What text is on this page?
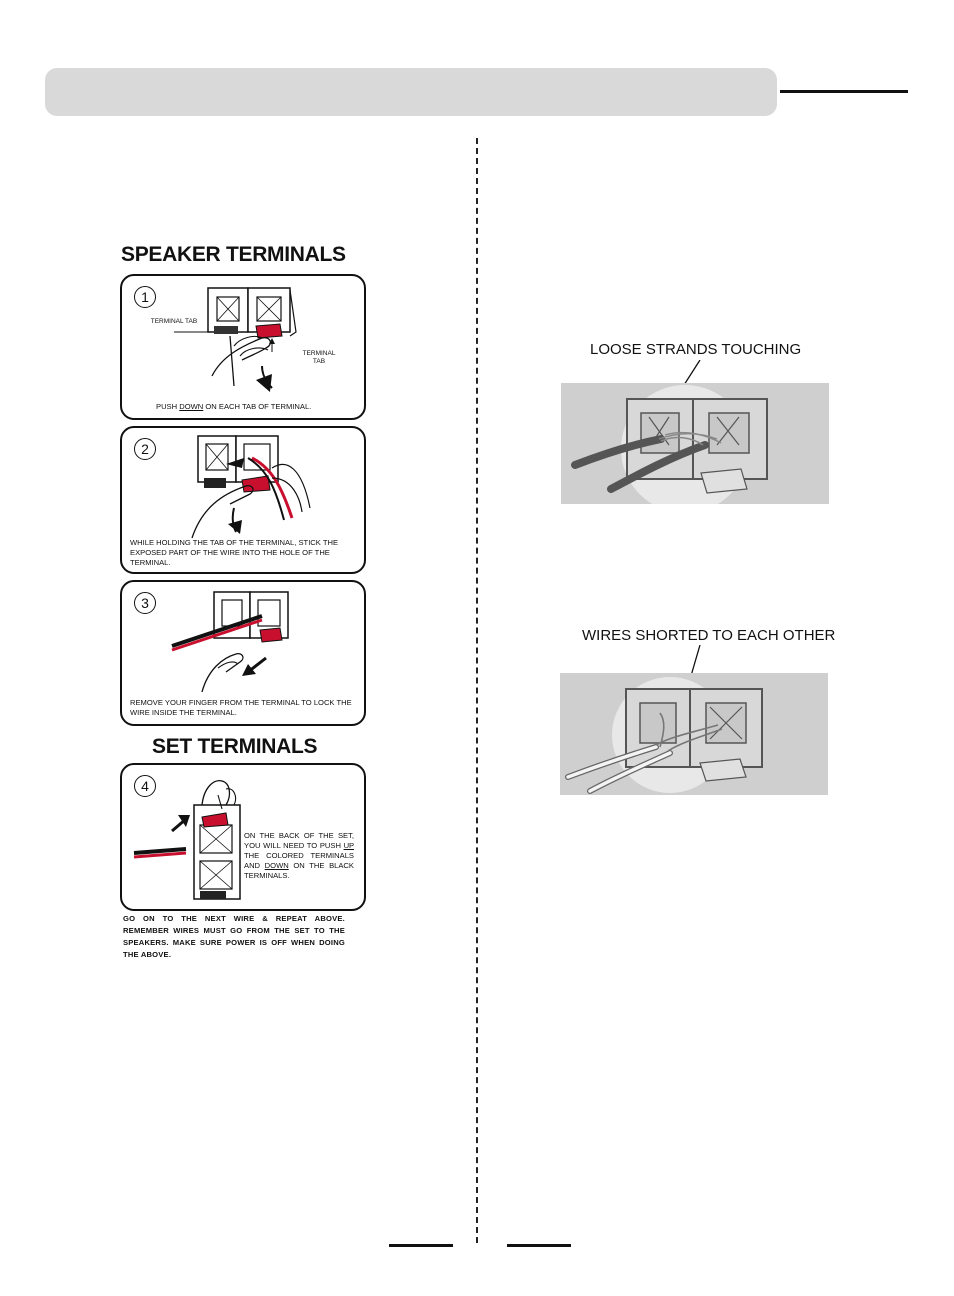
SPEAKER TERMINALS
1
TERMINAL TAB
TERMINAL
TAB
PUSH DOWN ON EACH TAB OF TERMINAL.
2
WHILE HOLDING THE TAB OF THE TERMINAL, STICK THE EXPOSED PART OF THE WIRE INTO THE HOLE OF THE TERMINAL.
3
REMOVE YOUR FINGER FROM THE TERMINAL TO LOCK THE WIRE INSIDE THE TERMINAL.
SET TERMINALS
4
ON THE BACK OF THE SET, YOU WILL NEED TO PUSH UP THE COLORED TERMINALS AND DOWN ON THE BLACK TERMINALS.
GO ON TO THE NEXT WIRE & REPEAT ABOVE. REMEMBER WIRES MUST GO FROM THE SET TO THE SPEAKERS. MAKE SURE POWER IS OFF WHEN DOING THE ABOVE.
LOOSE STRANDS TOUCHING
WIRES SHORTED TO EACH OTHER
